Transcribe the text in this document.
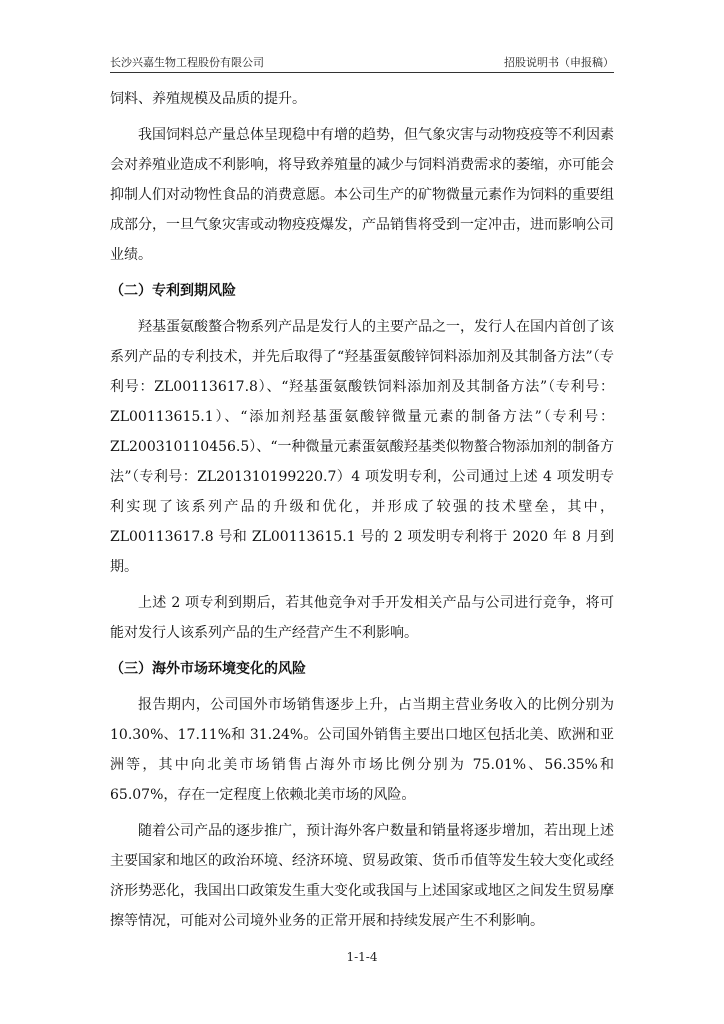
长沙兴嘉生物工程股份有限公司	招股说明书（申报稿）

饲料、养殖规模及品质的提升。

我国饲料总产量总体呈现稳中有增的趋势，但气象灾害与动物疫疫等不利因素会对养殖业造成不利影响，将导致养殖量的减少与饲料消费需求的萎缩，亦可能会抑制人们对动物性食品的消费意愿。本公司生产的矿物微量元素作为饲料的重要组成部分，一旦气象灾害或动物疫疫爆发，产品销售将受到一定冲击，进而影响公司业绩。

（二）专利到期风险

羟基蛋氨酸螯合物系列产品是发行人的主要产品之一，发行人在国内首创了该系列产品的专利技术，并先后取得了“羟基蛋氨酸锌饲料添加剂及其制备方法”（专利号：ZL00113617.8）、“羟基蛋氨酸铁饲料添加剂及其制备方法”（专利号：ZL00113615.1）、“添加剂羟基蛋氨酸锌微量元素的制备方法”（专利号：ZL200310110456.5）、“一种微量元素蛋氨酸羟基类似物螯合物添加剂的制备方法”（专利号：ZL201310199220.7）4 项发明专利，公司通过上述 4 项发明专利实现了该系列产品的升级和优化，并形成了较强的技术壁垒，其中，ZL00113617.8 号和 ZL00113615.1 号的 2 项发明专利将于 2020 年 8 月到期。

上述 2 项专利到期后，若其他竞争对手开发相关产品与公司进行竞争，将可能对发行人该系列产品的生产经营产生不利影响。

（三）海外市场环境变化的风险

报告期内，公司国外市场销售逐步上升，占当期主营业务收入的比例分别为 10.30%、17.11%和 31.24%。公司国外销售主要出口地区包括北美、欧洲和亚洲等，其中向北美市场销售占海外市场比例分别为 75.01%、56.35%和 65.07%，存在一定程度上依赖北美市场的风险。

随着公司产品的逐步推广，预计海外客户数量和销量将逐步增加，若出现上述主要国家和地区的政治环境、经济环境、贸易政策、货币币值等发生较大变化或经济形势恶化，我国出口政策发生重大变化或我国与上述国家或地区之间发生贸易摩擦等情况，可能对公司境外业务的正常开展和持续发展产生不利影响。

1-1-4
